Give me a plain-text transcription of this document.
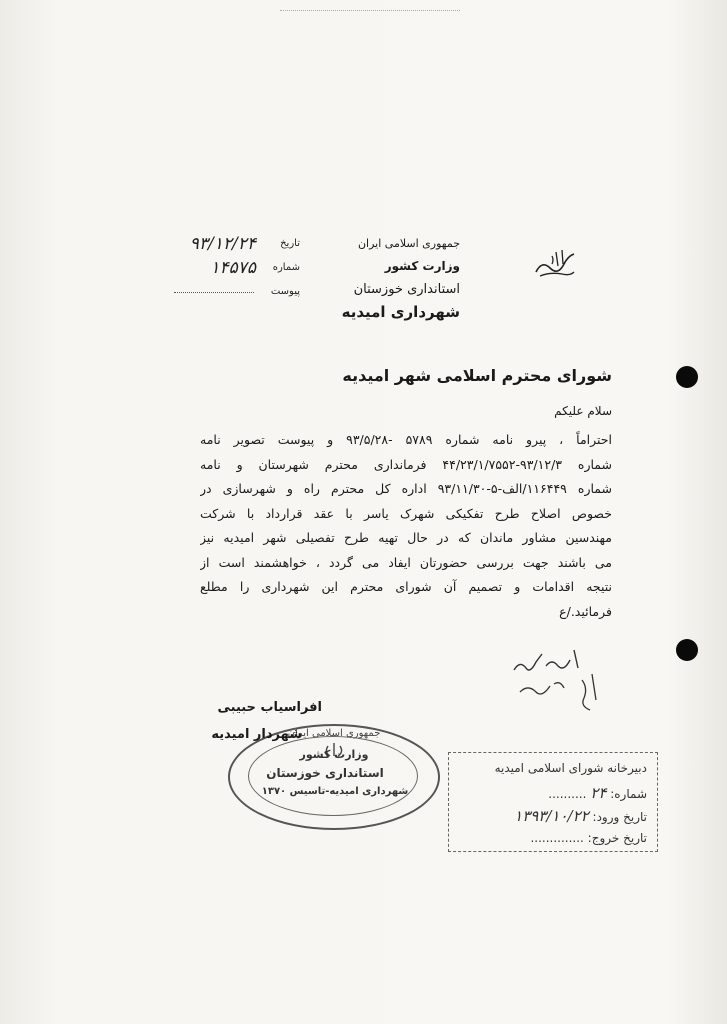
جمهوری اسلامی ایران
وزارت کشور
استانداری خوزستان
شهرداری امیدیه
تاریخ
۹۳/۱۲/۲۴
شماره
۱۴۵۷۵
پیوست
شورای محترم اسلامی شهر امیدیه
سلام علیکم
احتراماً ، پیرو نامه شماره ۵۷۸۹ -۹۳/۵/۲۸ و پیوست تصویر نامه
شماره ۹۳/۱۲/۳-۴۴/۲۳/۱/۷۵۵۲ فرمانداری محترم شهرستان و نامه
شماره ۱۱۶۴۴۹/الف-۵-۹۳/۱۱/۳۰ اداره کل محترم راه و شهرسازی در
خصوص اصلاح طرح تفکیکی شهرک یاسر با عقد قرارداد با شرکت
مهندسین مشاور ماندان که در حال تهیه طرح تفصیلی شهر امیدیه نیز
می باشند جهت بررسی حضورتان ایفاد می گردد ، خواهشمند است از
نتیجه اقدامات و تصمیم آن شورای محترم این شهرداری را مطلع
فرمائید./ع
افراسیاب حبیبی
جمهوری اسلامی ایران
وزارت کشور
استانداری خوزستان
شهرداری امیدیه-تاسیس ۱۳۷۰
شهردار امیدیه
دبیرخانه شورای اسلامی امیدیه
شماره: ۲۴ ..........
تاریخ ورود: ۱۳۹۳/۱۰/۲۲
تاریخ خروج: ..............
